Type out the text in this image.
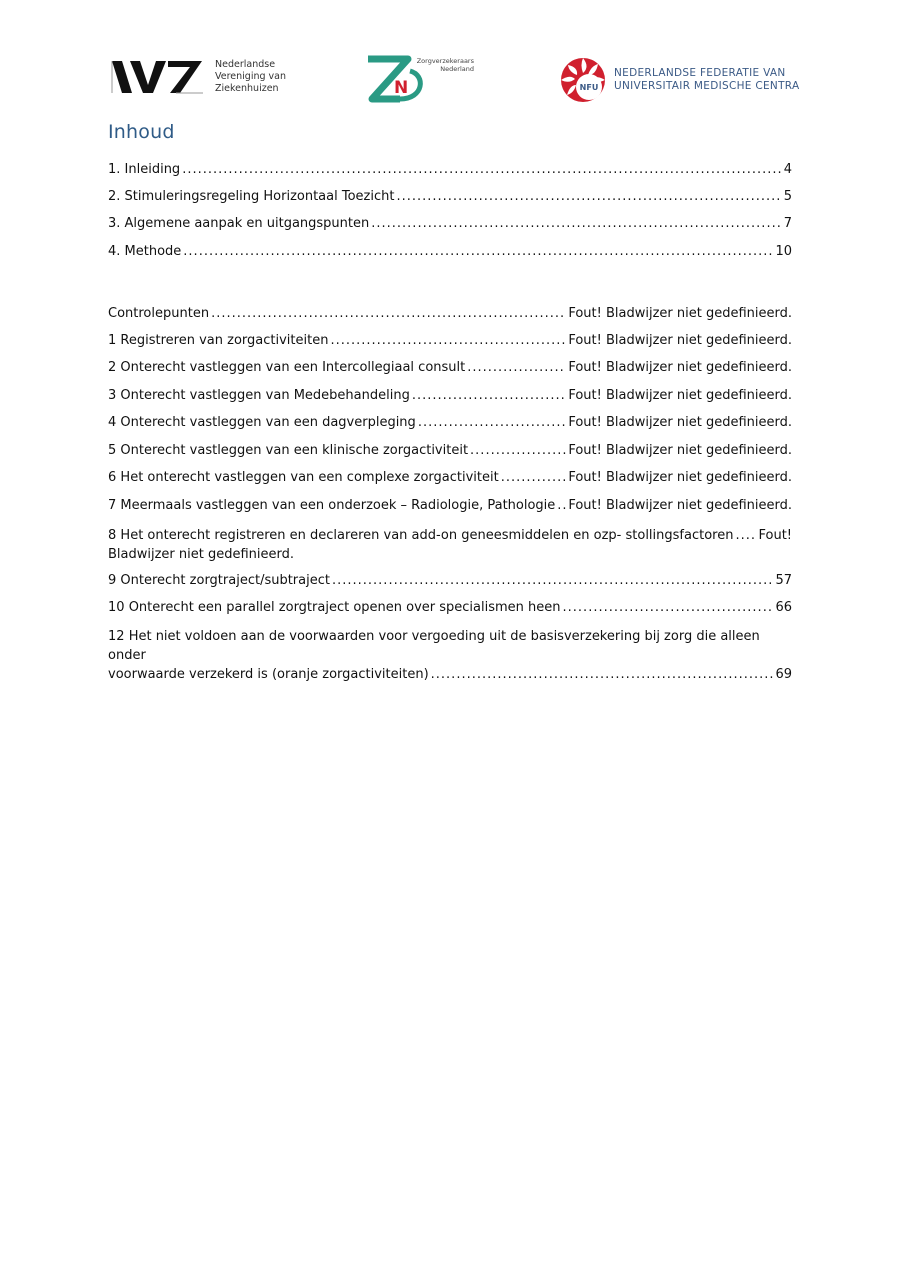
Nederlandse
Vereniging van
Ziekenhuizen	N
Zorgverzekeraars
Nederland
NFU
NEDERLANDSE FEDERATIE VAN
UNIVERSITAIR MEDISCHE CENTRA
Inhoud
1. Inleiding .....	4
2. Stimuleringsregeling Horizontaal Toezicht .....	5
3. Algemene aanpak en uitgangspunten .....	7
4. Methode .....	10
Controlepunten .....	Fout! Bladwijzer niet gedefinieerd.
1 Registreren van zorgactiviteiten .....	Fout! Bladwijzer niet gedefinieerd.
2 Onterecht vastleggen van een Intercollegiaal consult .....	Fout! Bladwijzer niet gedefinieerd.
3 Onterecht vastleggen van Medebehandeling .....	Fout! Bladwijzer niet gedefinieerd.
4 Onterecht vastleggen van een dagverpleging .....	Fout! Bladwijzer niet gedefinieerd.
5 Onterecht vastleggen van een klinische zorgactiviteit .....	Fout! Bladwijzer niet gedefinieerd.
6 Het onterecht vastleggen van een complexe zorgactiviteit .....	Fout! Bladwijzer niet gedefinieerd.
7 Meermaals vastleggen van een onderzoek – Radiologie, Pathologie ..... Fout! Bladwijzer niet gedefinieerd.
8 Het onterecht registreren en declareren van add-on geneesmiddelen en ozp- stollingsfactoren ..... Fout!
Bladwijzer niet gedefinieerd.
9 Onterecht zorgtraject/subtraject .....	57
10 Onterecht een parallel zorgtraject openen over specialismen heen .....	66
12 Het niet voldoen aan de voorwaarden voor vergoeding uit de basisverzekering bij zorg die alleen onder
voorwaarde verzekerd is (oranje zorgactiviteiten) .....	69
